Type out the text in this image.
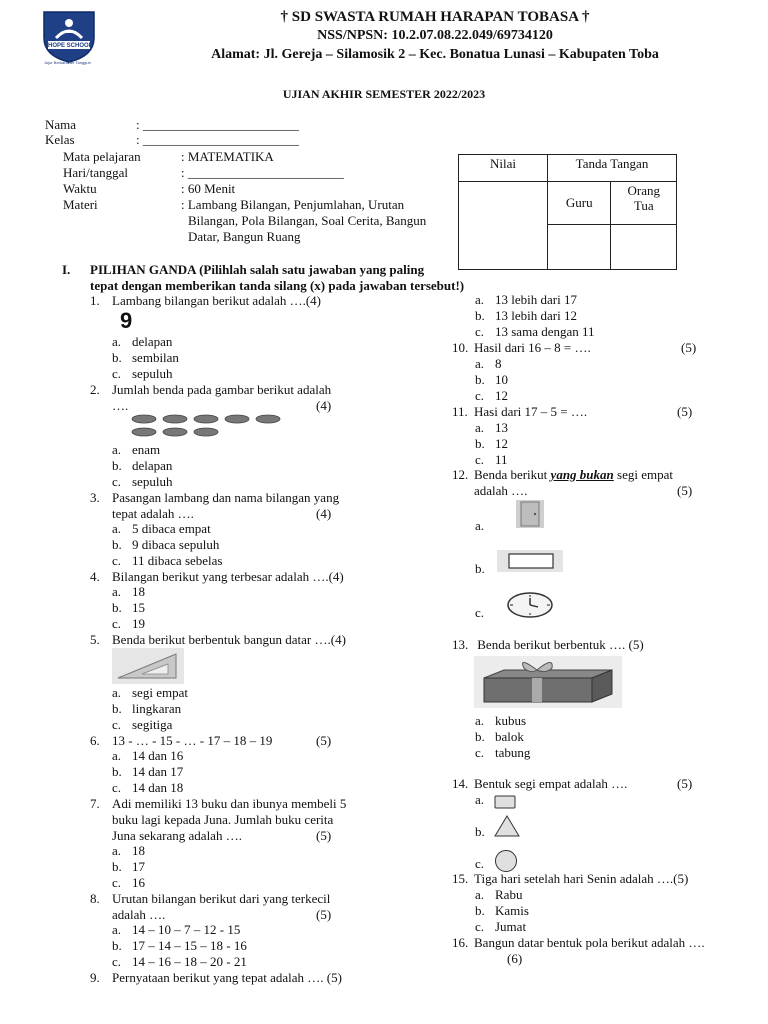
HOPE SCHOOL
Jujur Berkarakter Tangguh
† SD SWASTA RUMAH HARAPAN TOBASA †
NSS/NPSN: 10.2.07.08.22.049/69734120
Alamat: Jl. Gereja – Silamosik 2 – Kec. Bonatua Lunasi – Kabupaten Toba
UJIAN AKHIR SEMESTER 2022/2023
Nama	: ________________________
Kelas	: ________________________
Mata pelajaran	: MATEMATIKA
Hari/tanggal	: ________________________
Waktu	: 60 Menit
Materi	: Lambang Bilangan, Penjumlahan, Urutan
Bilangan, Pola Bilangan, Soal Cerita, Bangun
Datar, Bangun Ruang
Nilai	Tanda Tangan	
	Guru	Orang
Tua

I. PILIHAN GANDA (Pilihlah salah satu jawaban yang paling
tepat dengan memberikan tanda silang (x) pada jawaban tersebut!)
1. Lambang bilangan berikut adalah ….(4)
9
a. delapan
b. sembilan
c. sepuluh
2. Jumlah benda pada gambar berikut adalah
….	(4)
a. enam
b. delapan
c. sepuluh
3. Pasangan lambang dan nama bilangan yang
tepat adalah ….	(4)
a. 5 dibaca empat
b. 9 dibaca sepuluh
c. 11 dibaca sebelas
4. Bilangan berikut yang terbesar adalah ….(4)
a. 18
b. 15
c. 19
5. Benda berikut berbentuk bangun datar ….(4)
a. segi empat
b. lingkaran
c. segitiga
6. 13 - … - 15 - … - 17 – 18 – 19	(5)
a. 14 dan 16
b. 14 dan 17
c. 14 dan 18
7. Adi memiliki 13 buku dan ibunya membeli 5
buku lagi kepada Juna. Jumlah buku cerita
Juna sekarang adalah ….	(5)
a. 18
b. 17
c. 16
8. Urutan bilangan berikut dari yang terkecil
adalah ….	(5)
a. 14 – 10 – 7 – 12 - 15
b. 17 – 14 – 15 – 18 - 16
c. 14 – 16 – 18 – 20 - 21
9. Pernyataan berikut yang tepat adalah …. (5)
a. 13 lebih dari 17
b. 13 lebih dari 12
c. 13 sama dengan 11
10. Hasil dari 16 – 8 = ….	(5)
a. 8
b. 10
c. 12
11. Hasi dari 17 – 5 = ….	(5)
a. 13
b. 12
c. 11
12. Benda berikut yang bukan segi empat
adalah ….	(5)
a.
b.
c.
13. Benda berikut berbentuk …. (5)
a. kubus
b. balok
c. tabung
14. Bentuk segi empat adalah ….	(5)
a.
b.
c.
15. Tiga hari setelah hari Senin adalah ….(5)
a. Rabu
b. Kamis
c. Jumat
16. Bangun datar bentuk pola berikut adalah ….
(6)
